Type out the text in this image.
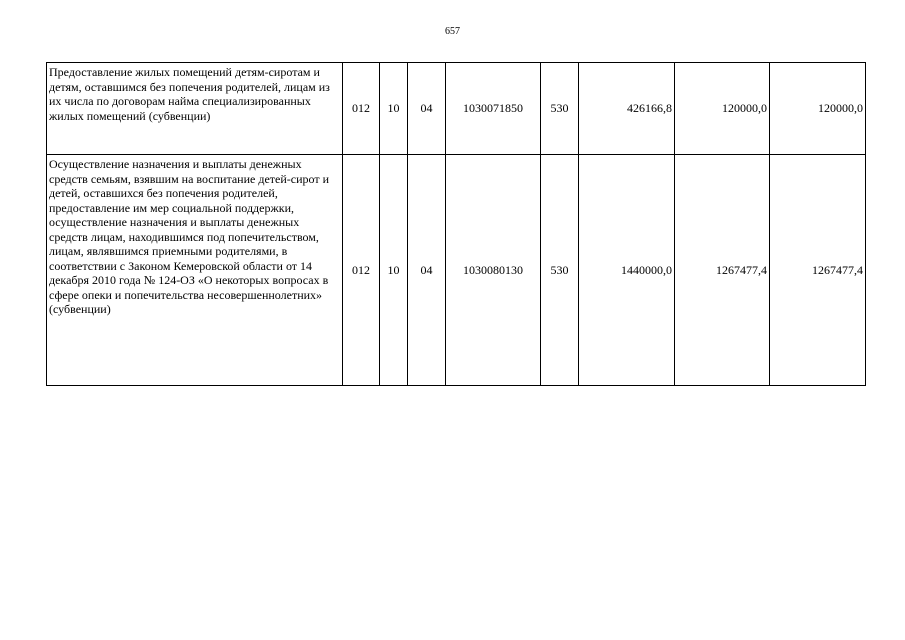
657
Предоставление жилых помещений детям-сиротам и детям, оставшимся без попечения родителей, лицам из их числа по договорам найма специализированных жилых помещений (субвенции)	012	10	04	1030071850	530	426166,8	120000,0	120000,0
Осуществление назначения и выплаты денежных средств семьям, взявшим на воспитание детей-сирот и детей, оставшихся без попечения родителей, предоставление им мер социальной поддержки, осуществление назначения и выплаты денежных средств лицам, находившимся под попечительством, лицам, являвшимся приемными родителями, в соответствии с Законом Кемеровской области от 14 декабря 2010 года № 124-ОЗ «О некоторых вопросах в сфере опеки и попечительства несовершеннолетних» (субвенции)	012	10	04	1030080130	530	1440000,0	1267477,4	1267477,4
